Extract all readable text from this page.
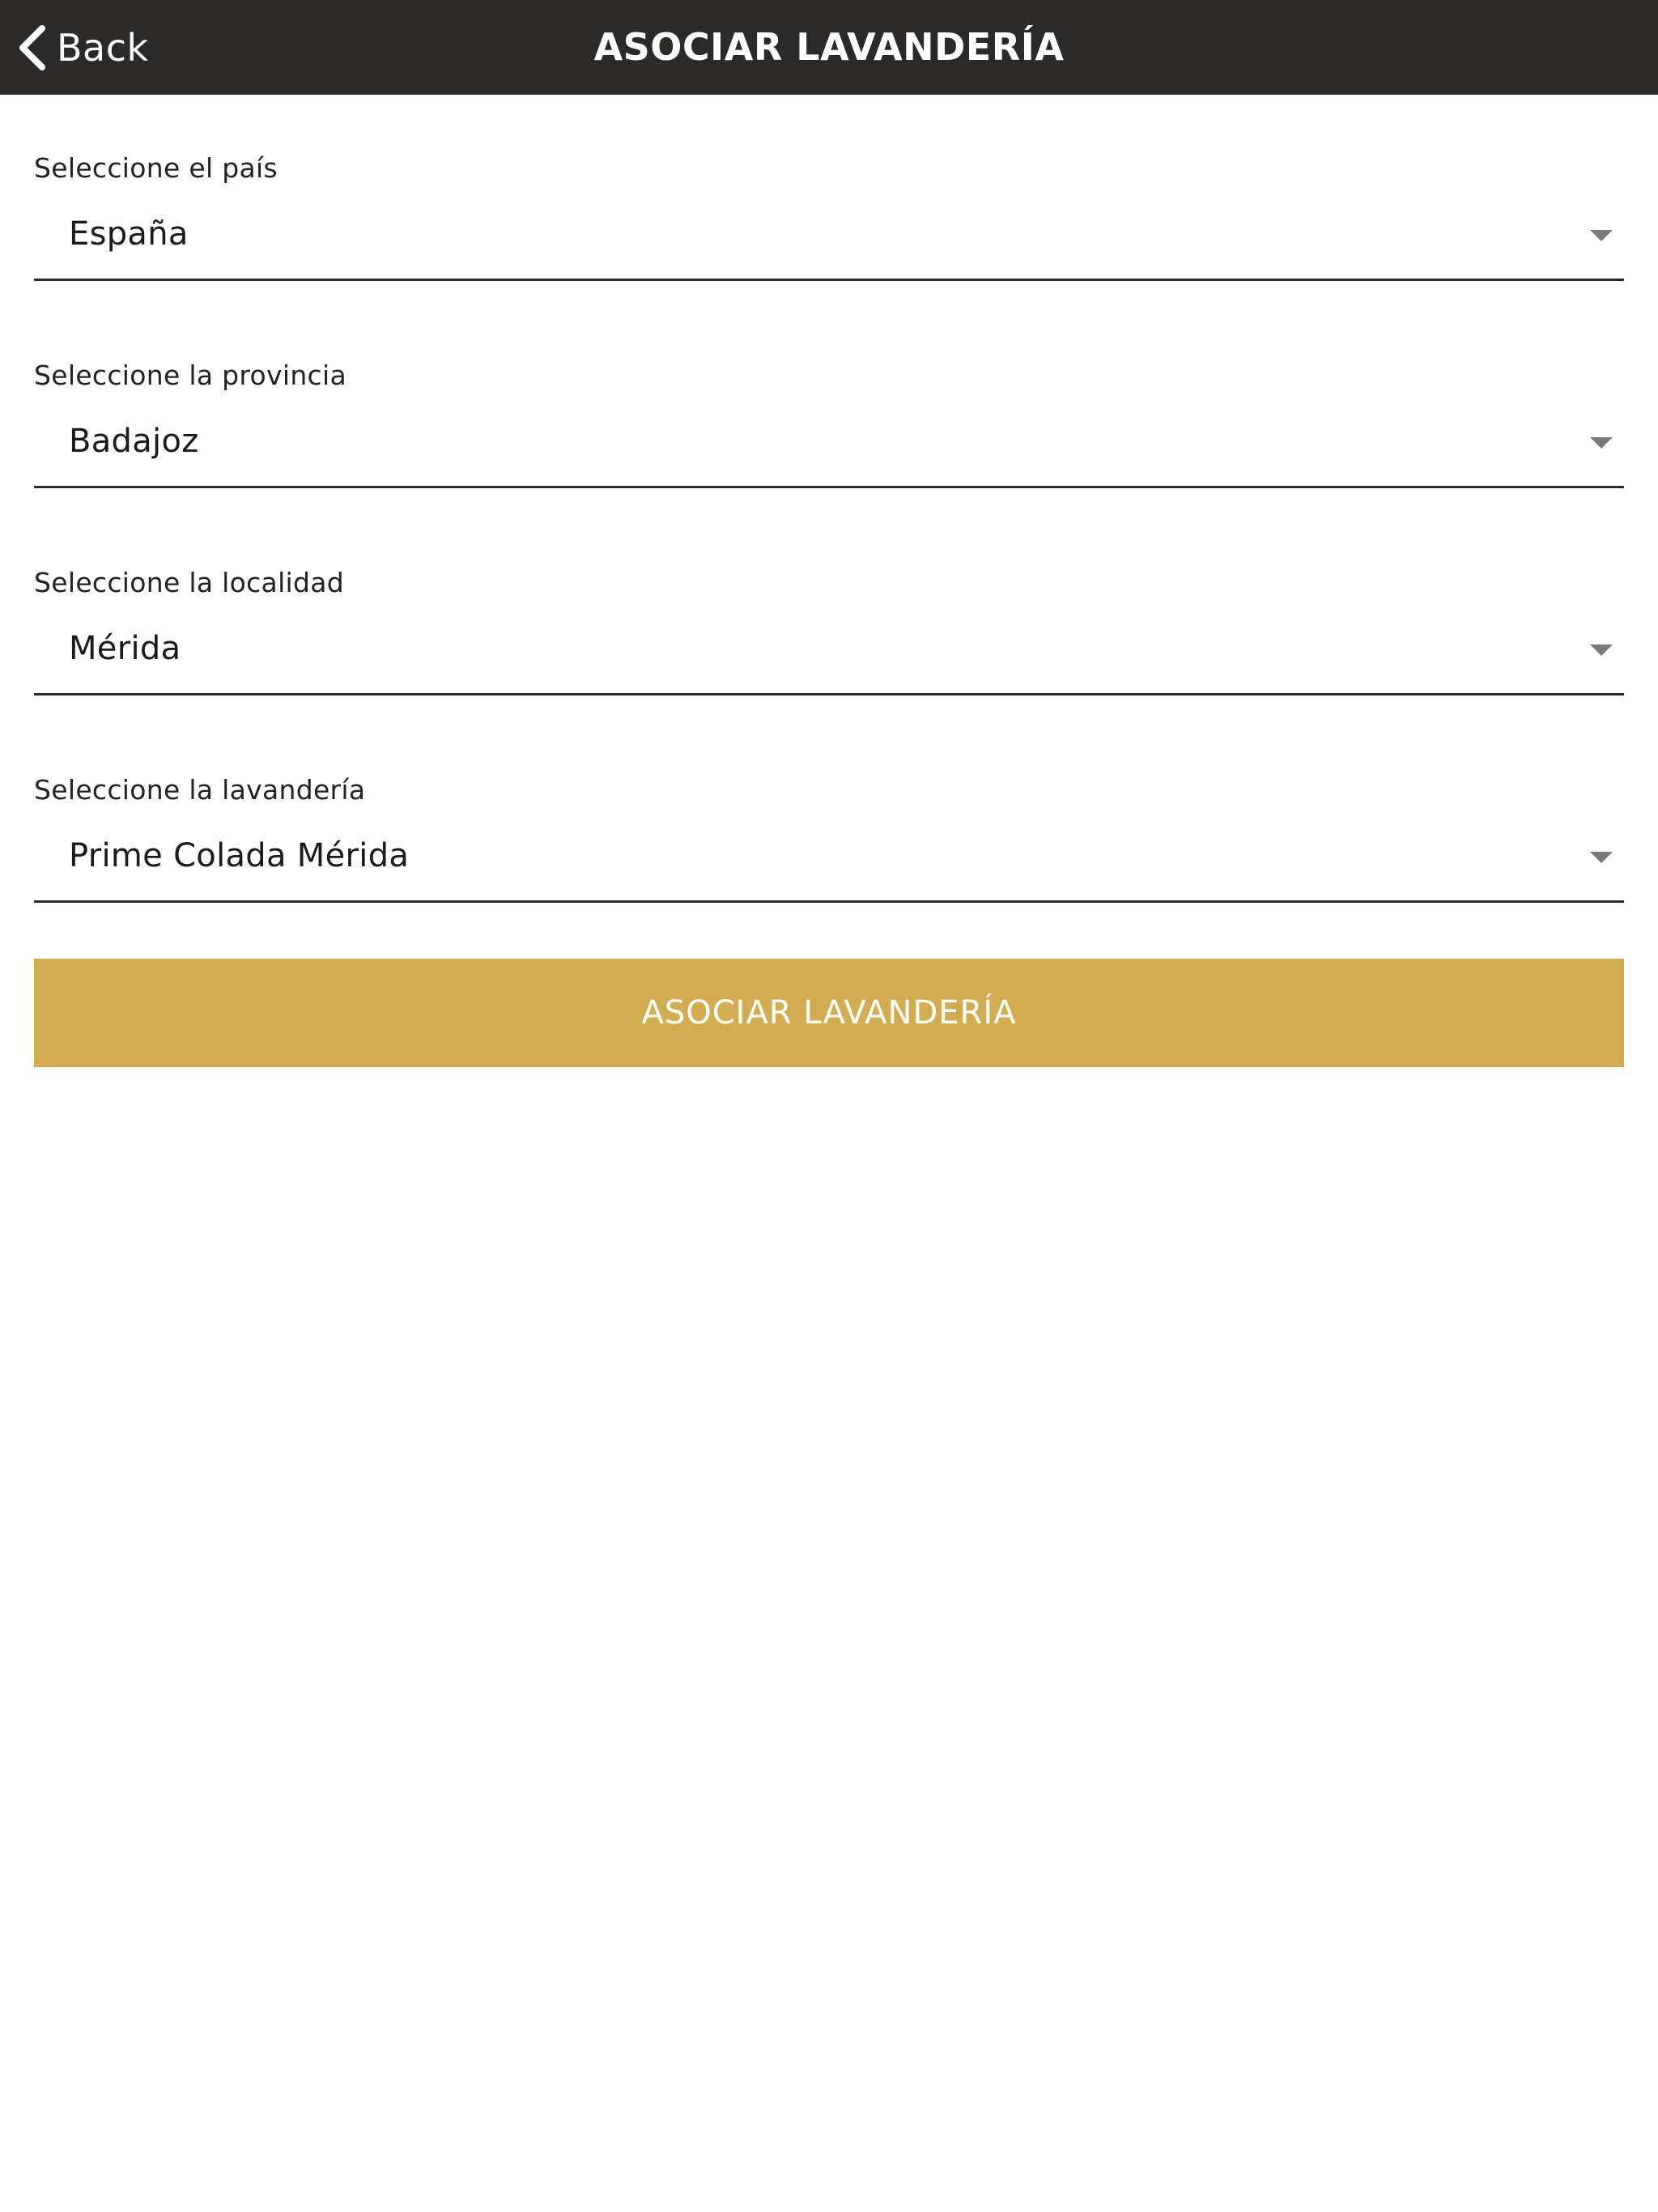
Back	ASOCIAR LAVANDERÍA
Seleccione el país
España
Seleccione la provincia
Badajoz
Seleccione la localidad
Mérida
Seleccione la lavandería
Prime Colada Mérida
ASOCIAR LAVANDERÍA
